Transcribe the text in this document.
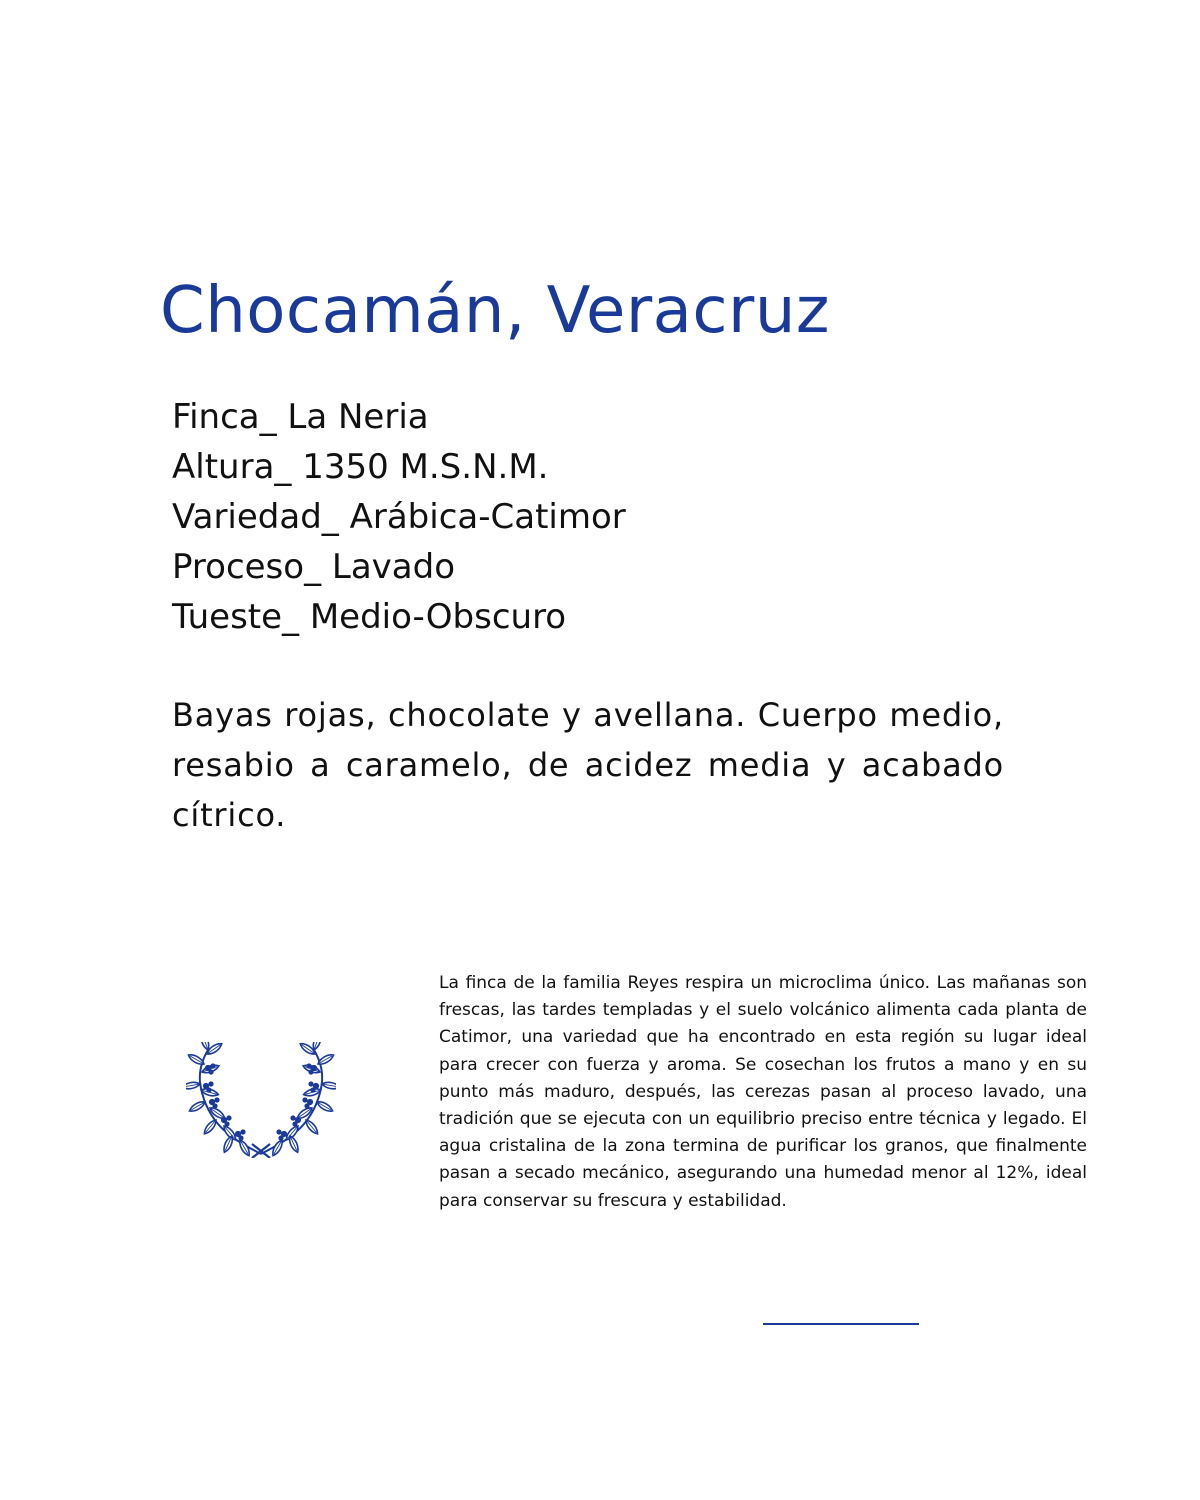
Chocamán, Veracruz
Finca_ La Neria
Altura_ 1350 M.S.N.M.
Variedad_ Arábica-Catimor
Proceso_ Lavado
Tueste_ Medio-Obscuro

Bayas rojas, chocolate y avellana. Cuerpo medio, resabio a caramelo, de acidez media y acabado cítrico.

La finca de la familia Reyes respira un microclima único. Las mañanas son frescas, las tardes templadas y el suelo volcánico alimenta cada planta de Catimor, una variedad que ha encontrado en esta región su lugar ideal para crecer con fuerza y aroma. Se cosechan los frutos a mano y en su punto más maduro, después, las cerezas pasan al proceso lavado, una tradición que se ejecuta con un equilibrio preciso entre técnica y legado. El agua cristalina de la zona termina de purificar los granos, que finalmente pasan a secado mecánico, asegurando una humedad menor al 12%, ideal para conservar su frescura y estabilidad.
